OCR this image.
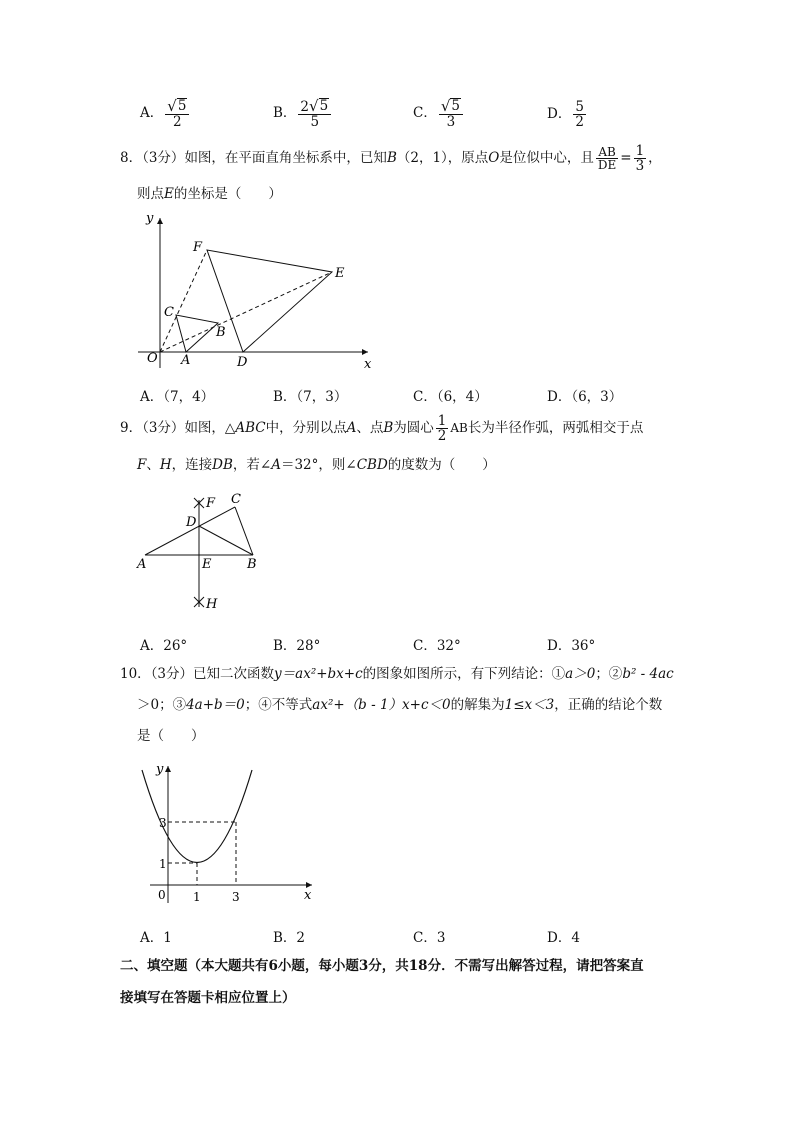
A． $\frac{√ 5}{2}$	B． $\frac{2 √ 5}{5}$	C． $\frac{√ 5}{3}$	D． $\frac{5}{2}$
8．（3分）如图，在平面直角坐标系中，已知B（2，1），原点O是位似中心，且 $\frac{AB}{DE} = \frac{1}{3}$ ，
则点E的坐标是（　　）
y
x
O A
B
C
D
E
F
A．（7，4）	B．（7，3）	C．（6，4）	D．（6，3）
9．（3分）如图，△ABC中，分别以点A、点B为圆心 $\frac{1}{2}$ AB长为半径作弧，两弧相交于点
F、H，连接DB，若∠A＝32°，则∠CBD的度数为（　　）
A	B
C
D
E
F
H
A．26°	B．28°	C．32°	D．36°
10．（3分）已知二次函数y＝ax²+bx+c的图象如图所示，有下列结论：①a＞0；②b² - 4ac
＞0；③4a+b＝0；④不等式ax²+（b - 1）x+c＜0的解集为1≤x＜3，正确的结论个数
是（　　）
y
x
0 1	3
1
3
A．1	B．2	C．3	D．4
二、填空题（本大题共有6小题，每小题3分，共18分．不需写出解答过程，请把答案直
接填写在答题卡相应位置上）
